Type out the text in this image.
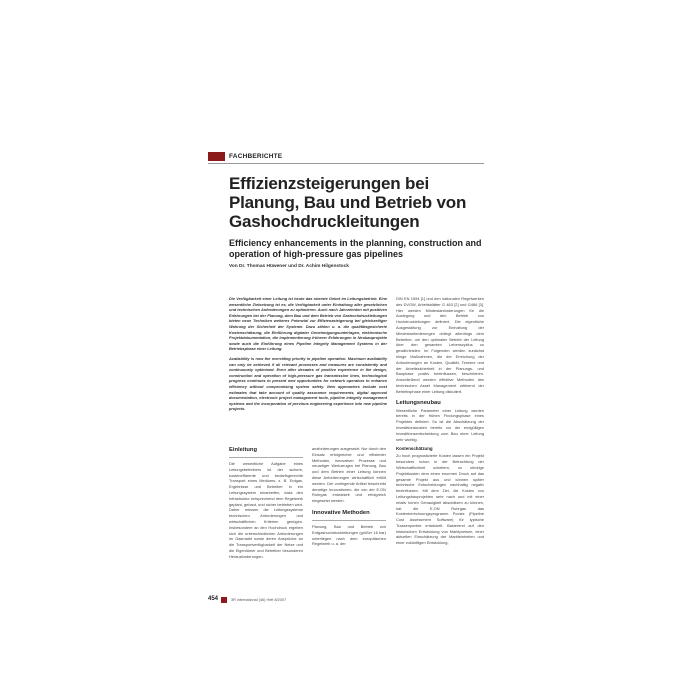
FACHBERICHTE
Effizienzsteigerungen bei Planung, Bau und Betrieb von Gashochdruckleitungen
Efficiency enhancements in the planning, construction and operation of high-pressure gas pipelines
Von Dr. Thomas Hüwener und Dr. Achim Hilgenstock
Die Verfügbarkeit einer Leitung ist heute das oberste Gebot im Leitungsbetrieb. Eine wesentliche Zielsetzung ist es, die Verfügbarkeit unter Einhaltung aller gesetzlichen und technischen Anforderungen zu optimieren. Auch nach Jahrzehnten mit positiven Erfahrungen bei der Planung, dem Bau und dem Betrieb von Gashochdruckleitungen bieten neue Techniken weiteres Potenzial zur Effizienzsteigerung bei gleichzeitiger Wahrung der Sicherheit der Systeme. Dazu zählen u. a. die qualitätsgesicherte Kostenschätzung, die Einführung digitaler Genehmigungsunterlagen, elektronische Projektdokumentation, die Implementierung früherer Erfahrungen in Neubauprojekte sowie auch die Einführung eines Pipeline Integrity Management Systems in der Betriebsphase einer Leitung.
Availability is now the overriding priority in pipeline operation. Maximum availability can only be achieved if all relevant processes and measures are consistently and continuously optimised. Even after decades of positive experience in the design, construction and operation of high-pressure gas transmission lines, technological progress continues to present new opportunities for network operators to enhance efficiency without compromising system safety. New approaches include cost estimates that take account of quality assurance requirements, digital approval documentation, electronic project management tools, pipeline integrity management systems and the incorporation of previous engineering experience into new pipeline projects.
DIN EN 1594 [1] und den nationalen Regelwerken des DVGW, Arbeitsblätter G 463 [2] und G466 [3]. Hier werden Mindestanforderungen für die Auslegung und den Betrieb von Hochdruckleitungen definiert. Die eigentliche Ausgestaltung zur Einhaltung der Mindestanforderungen obliegt allerdings dem Betreiber, um den optimalen Betrieb der Leitung über den gesamten Lebenszyklus zu gewährleisten. Im Folgenden werden zunächst einige Maßnahmen, die der Erreichung der Anforderungen an Kosten, Qualität, Termine und der Arbeitssicherheit in der Planungs- und Bauphase positiv beeinflussen, beschrieben. Anschließend werden effektive Methoden des technischen Asset Management während der Betriebsphase einer Leitung diskutiert.
Leitungsneubau
Wesentliche Parameter einer Leitung werden bereits in der frühen Findungsphase eines Projektes definiert. So ist die Abschätzung der Investitionskosten bereits vor der endgültigen Investitionsentscheidung zum Bau einer Leitung sehr wichtig.
Kostenschätzung
Zu hoch prognostizierte Kosten lassen ein Projekt besonders schon in der Betrachtung der Wirtschaftlichkeit scheitern, zu niedrige Projektkosten dem einen enormen Druck auf das gesamte Projekt aus und können später technische Entscheidungen nachhaltig negativ beeinflussen. Mit dem Ziel, die Kosten von Leitungsbauprojekten sehr nach und mit einer relativ hohen Genauigkeit abschätzen zu können, hat die E.ON Ruhrgas das Kostenberechnungsprogramm Pcosts (Pipeline Cost Assessment Software) für typische Trassenpunkte entwickelt. Basierend auf den historischen Entwicklung von Marktpreisen, einer aktuellen Einschätzung der Markteinheiten und einer zukünftigen Entwicklung,
Einleitung
Die wesentliche Aufgabe eines Leitungsbetreibers ist der sichere, kosteneffiziente und bedarfsgerechte Transport eines Mediums, z. B. Erdgas, Ergebnisse und Betreiber in ein Leitungssystem einarbeiten, dass den Infrastruktur entsprechend dem Regelwerk geplant, gebaut, und sicher betrieben wird. Daher müssen die Leitungssysteme technischen Anforderungen und wirtschaftlichen Kriterien genügen. Insbesondere an den Hochdruck ergeben sich die unterschiedlichen Anforderungen im Gasmarkt sowie deren Ansprüche an die Transportverfügbarkeit der Netze und die Eigentümer und Betreiber besonderen Herausforderungen.
ausforderungen ausgesetzt. Nur durch den Einsatz erfolgreicher und effizienter Methoden, innovativer Prozesse und neuartiger Werkzeugen bei Planung, Bau und dem Betrieb einer Leitung können diese Anforderungen wirtschaftlich erfüllt werden. Der vorliegende Artikel beschreibt derartige Innovationen, die von der E.ON Ruhrgas entwickelt und erfolgreich eingesetzt werden.
Innovative Methoden
Planung, Bau und Betrieb von Erdgashochdruckleitungen (größer 16 bar) unterliegen nach dem europäischen Regelwerk u. a. der
454	3R international (46) Heft 8/2007
